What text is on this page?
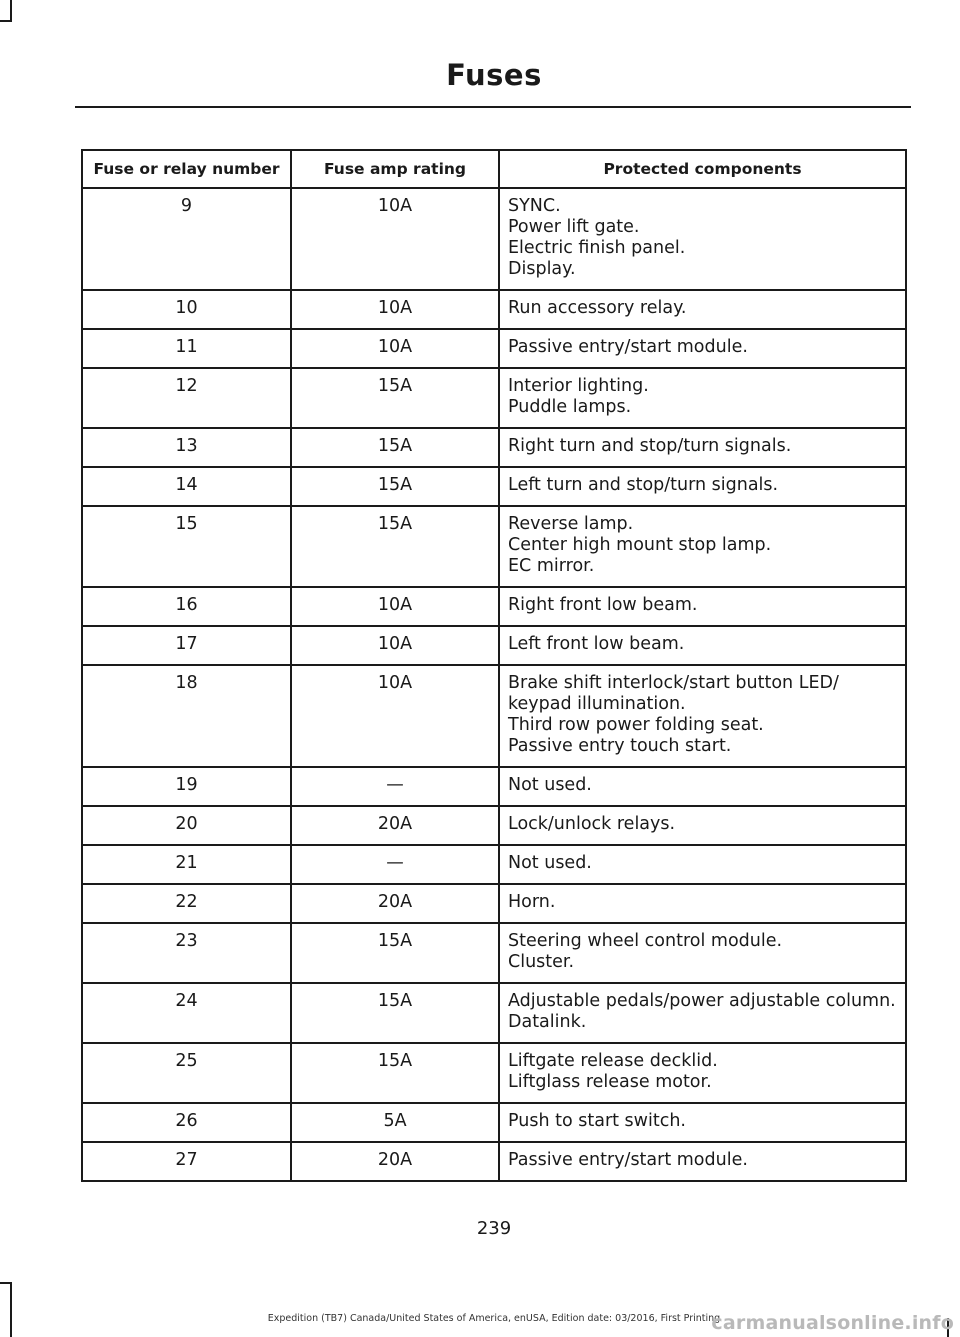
Fuses
Fuse or relay number	Fuse amp rating	Protected components
9	10A	SYNC.
Power lift gate.
Electric finish panel.
Display.

10	10A	Run accessory relay.

11	10A	Passive entry/start module.

12	15A	Interior lighting.
Puddle lamps.

13	15A	Right turn and stop/turn signals.

14	15A	Left turn and stop/turn signals.

15	15A	Reverse lamp.
Center high mount stop lamp.
EC mirror.

16	10A	Right front low beam.

17	10A	Left front low beam.

18	10A	Brake shift interlock/start button LED/ keypad illumination.
Third row power folding seat.
Passive entry touch start.

19	—	Not used.

20	20A	Lock/unlock relays.

21	—	Not used.

22	20A	Horn.

23	15A	Steering wheel control module.
Cluster.

24	15A	Adjustable pedals/power adjustable column.
Datalink.

25	15A	Liftgate release decklid.
Liftglass release motor.

26	5A	Push to start switch.

27	20A	Passive entry/start module.
239
Expedition (TB7) Canada/United States of America, enUSA, Edition date: 03/2016, First Printing
carmanualsonline.info
